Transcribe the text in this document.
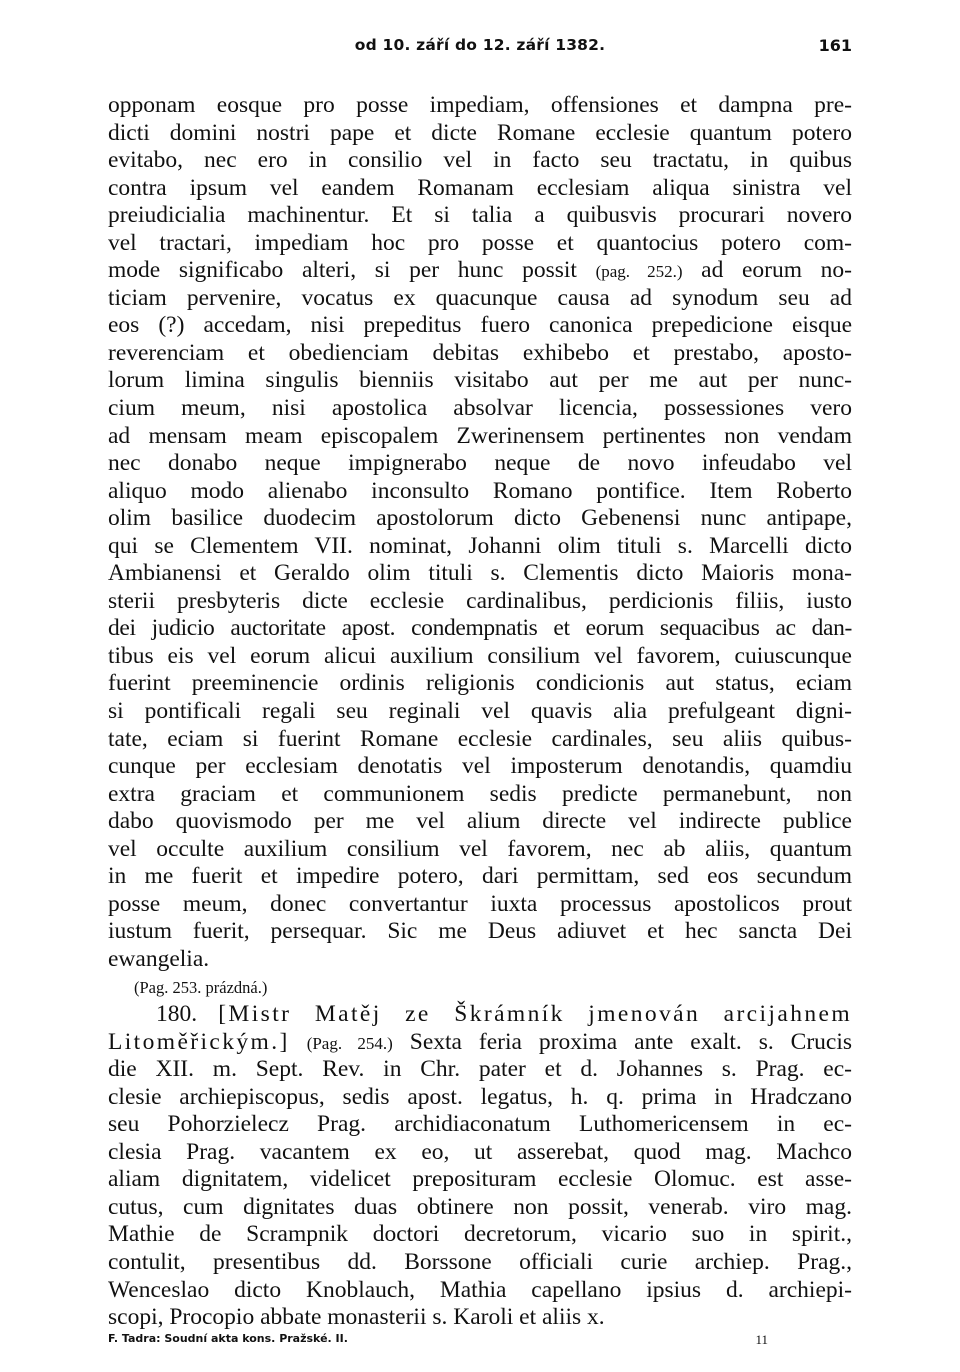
od 10. září do 12. září 1382.	161
opponam eosque pro posse impediam, offensiones et dampna pre-
dicti domini nostri pape et dicte Romane ecclesie quantum potero
evitabo, nec ero in consilio vel in facto seu tractatu, in quibus
contra ipsum vel eandem Romanam ecclesiam aliqua sinistra vel
preiudicialia machinentur. Et si talia a quibusvis procurari novero
vel tractari, impediam hoc pro posse et quantocius potero com-
mode significabo alteri, si per hunc possit (pag. 252.) ad eorum no-
ticiam pervenire, vocatus ex quacunque causa ad synodum seu ad
eos (?) accedam, nisi prepeditus fuero canonica prepedicione eisque
reverenciam et obedienciam debitas exhibebo et prestabo, aposto-
lorum limina singulis bienniis visitabo aut per me aut per nunc-
cium meum, nisi apostolica absolvar licencia, possessiones vero
ad mensam meam episcopalem Zwerinensem pertinentes non vendam
nec donabo neque impignerabo neque de novo infeudabo vel
aliquo modo alienabo inconsulto Romano pontifice. Item Roberto
olim basilice duodecim apostolorum dicto Gebenensi nunc antipape,
qui se Clementem VII. nominat, Johanni olim tituli s. Marcelli dicto
Ambianensi et Geraldo olim tituli s. Clementis dicto Maioris mona-
sterii presbyteris dicte ecclesie cardinalibus, perdicionis filiis, iusto
dei judicio auctoritate apost. condempnatis et eorum sequacibus ac dan-
tibus eis vel eorum alicui auxilium consilium vel favorem, cuiuscunque
fuerint preeminencie ordinis religionis condicionis aut status, eciam
si pontificali regali seu reginali vel quavis alia prefulgeant digni-
tate, eciam si fuerint Romane ecclesie cardinales, seu aliis quibus-
cunque per ecclesiam denotatis vel imposterum denotandis, quamdiu
extra graciam et communionem sedis predicte permanebunt, non
dabo quovismodo per me vel alium directe vel indirecte publice
vel occulte auxilium consilium vel favorem, nec ab aliis, quantum
in me fuerit et impedire potero, dari permittam, sed eos secundum
posse meum, donec convertantur iuxta processus apostolicos prout
iustum fuerit, persequar. Sic me Deus adiuvet et hec sancta Dei
ewangelia.
(Pag. 253. prázdná.)
180. [Mistr Matěj ze Škrámník jmenován arcijahnem
Litoměřickým.] (Pag. 254.) Sexta feria proxima ante exalt. s. Crucis
die XII. m. Sept. Rev. in Chr. pater et d. Johannes s. Prag. ec-
clesie archiepiscopus, sedis apost. legatus, h. q. prima in Hradczano
seu Pohorzielecz Prag. archidiaconatum Luthomericensem in ec-
clesia Prag. vacantem ex eo, ut asserebat, quod mag. Machco
aliam dignitatem, videlicet preposituram ecclesie Olomuc. est asse-
cutus, cum dignitates duas obtinere non possit, venerab. viro mag.
Mathie de Scrampnik doctori decretorum, vicario suo in spirit.,
contulit, presentibus dd. Borssone officiali curie archiep. Prag.,
Wenceslao dicto Knoblauch, Mathia capellano ipsius d. archiepi-
scopi, Procopio abbate monasterii s. Karoli et aliis x.
F. Tadra: Soudní akta kons. Pražské. II.	11
